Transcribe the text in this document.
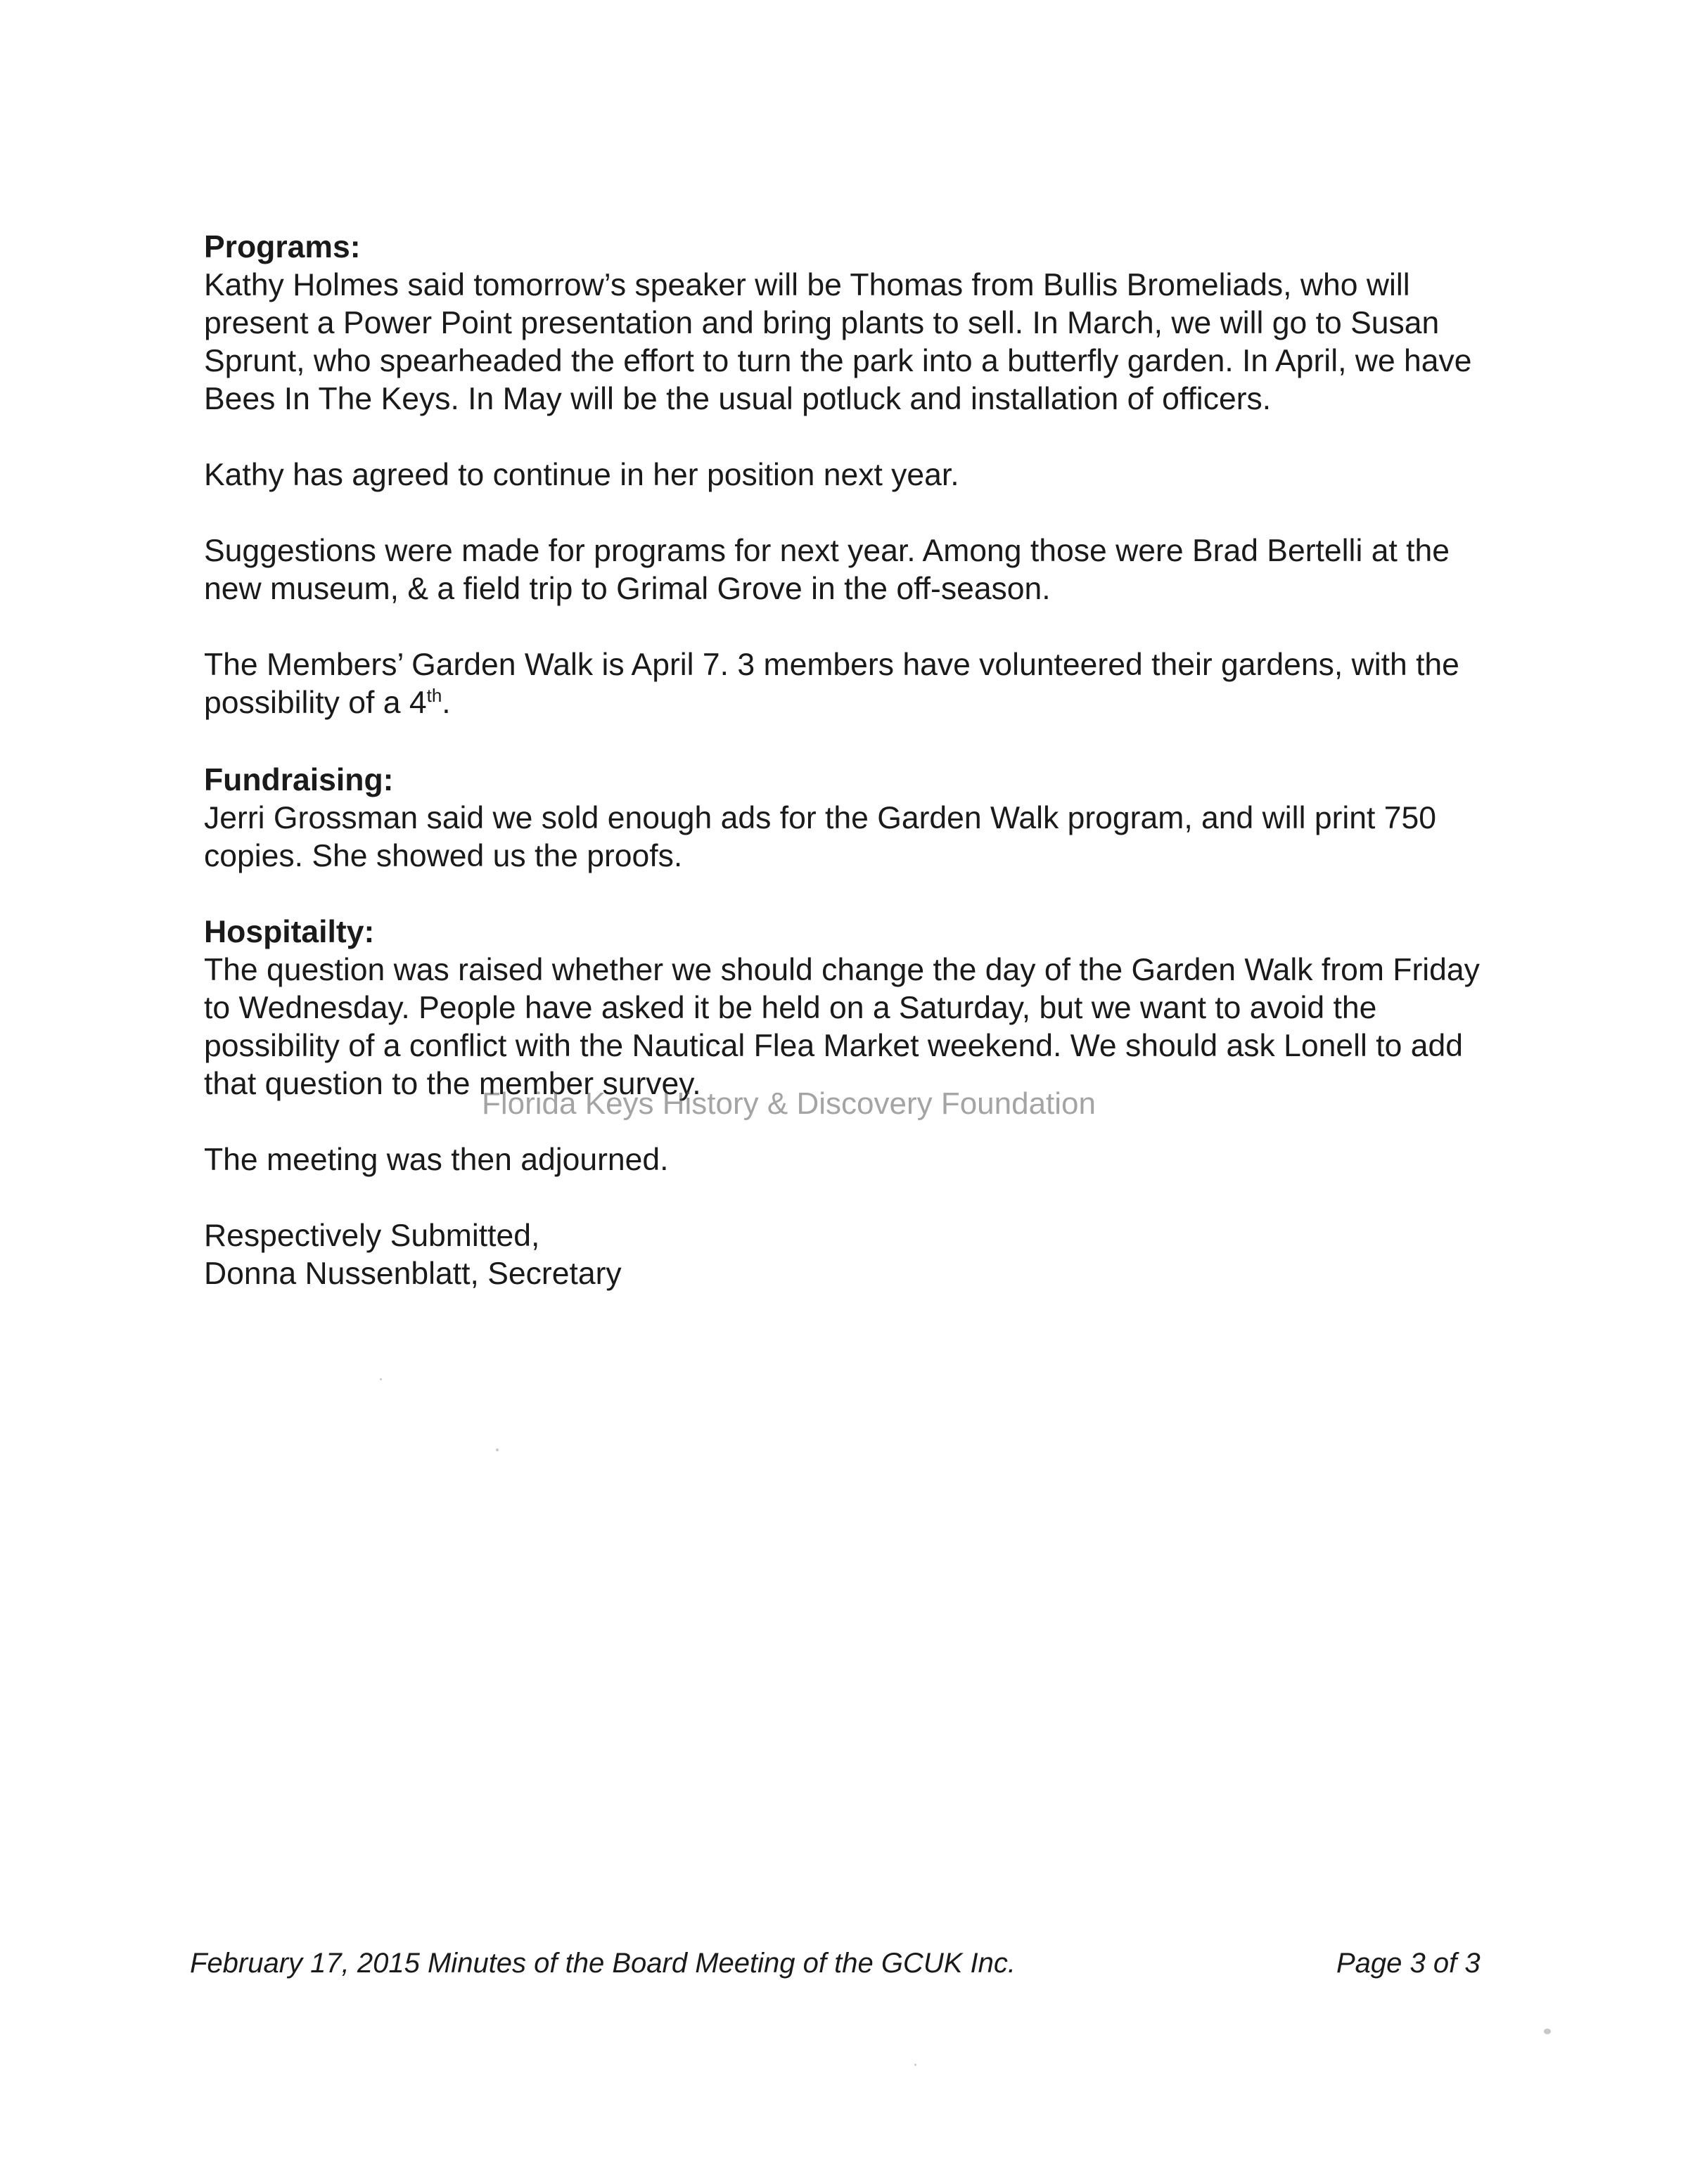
Programs:

Kathy Holmes said tomorrow’s speaker will be Thomas from Bullis Bromeliads, who will present a Power Point presentation and bring plants to sell. In March, we will go to Susan Sprunt, who spearheaded the effort to turn the park into a butterfly garden. In April, we have Bees In The Keys. In May will be the usual potluck and installation of officers.

Kathy has agreed to continue in her position next year.

Suggestions were made for programs for next year. Among those were Brad Bertelli at the new museum, & a field trip to Grimal Grove in the off-season.

The Members’ Garden Walk is April 7. 3 members have volunteered their gardens, with the possibility of a 4th.

Fundraising:

Jerri Grossman said we sold enough ads for the Garden Walk program, and will print 750 copies. She showed us the proofs.

Hospitailty:

The question was raised whether we should change the day of the Garden Walk from Friday to Wednesday. People have asked it be held on a Saturday, but we want to avoid the possibility of a conflict with the Nautical Flea Market weekend. We should ask Lonell to add that question to the member survey.

The meeting was then adjourned.

Respectively Submitted,

Donna Nussenblatt, Secretary

Florida Keys History & Discovery Foundation
February 17, 2015 Minutes of the Board Meeting of the GCUK Inc.	Page 3 of 3
